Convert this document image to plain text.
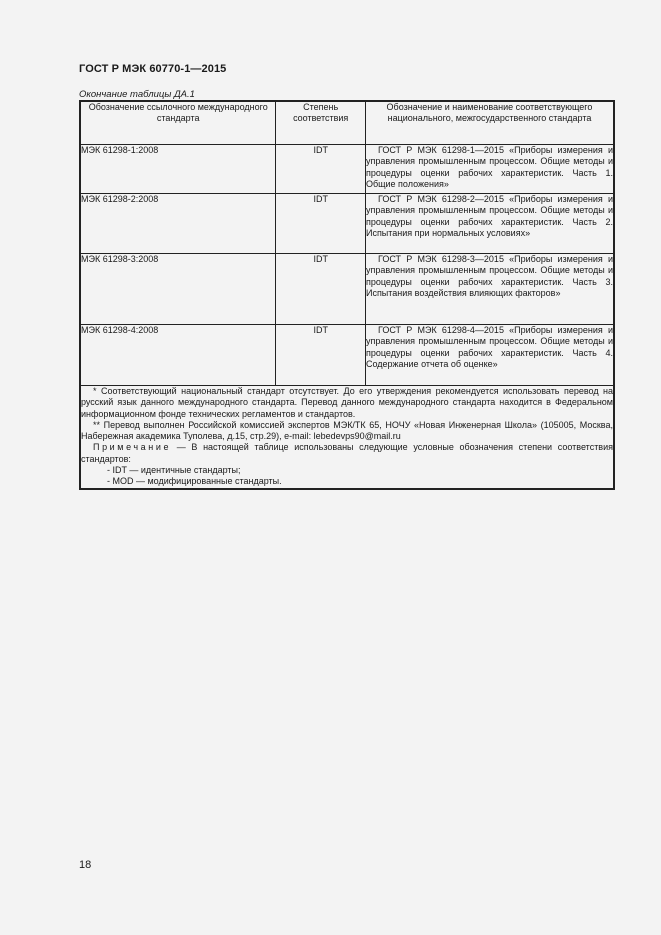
ГОСТ Р МЭК 60770-1—2015
Окончание таблицы ДА.1
Обозначение ссылочного международного стандарта	Степень соответствия	Обозначение и наименование соответствующего национального, межгосударственного стандарта
МЭК 61298-1:2008	IDT	ГОСТ Р МЭК 61298-1—2015 «Приборы измерения и управления промышленным процессом. Общие методы и процедуры оценки рабочих характеристик. Часть 1. Общие положения»
МЭК 61298-2:2008	IDT	ГОСТ Р МЭК 61298-2—2015 «Приборы измерения и управления промышленным процессом. Общие методы и процедуры оценки рабочих характеристик. Часть 2. Испытания при нормальных условиях»
МЭК 61298-3:2008	IDT	ГОСТ Р МЭК 61298-3—2015 «Приборы измерения и управления промышленным процессом. Общие методы и процедуры оценки рабочих характеристик. Часть 3. Испытания воздействия влияющих факторов»
МЭК 61298-4:2008	IDT	ГОСТ Р МЭК 61298-4—2015 «Приборы измерения и управления промышленным процессом. Общие методы и процедуры оценки рабочих характеристик. Часть 4. Содержание отчета об оценке»

* Соответствующий национальный стандарт отсутствует. До его утверждения рекомендуется использовать перевод на русский язык данного международного стандарта. Перевод данного международного стандарта находится в Федеральном информационном фонде технических регламентов и стандартов.

** Перевод выполнен Российской комиссией экспертов МЭК/ТК 65, НОЧУ «Новая Инженерная Школа» (105005, Москва, Набережная академика Туполева, д.15, стр.29), e-mail: lebedevps90@mail.ru

Примечание — В настоящей таблице использованы следующие условные обозначения степени соответствия стандартов:

- IDT — идентичные стандарты;

- MOD — модифицированные стандарты.		

18
